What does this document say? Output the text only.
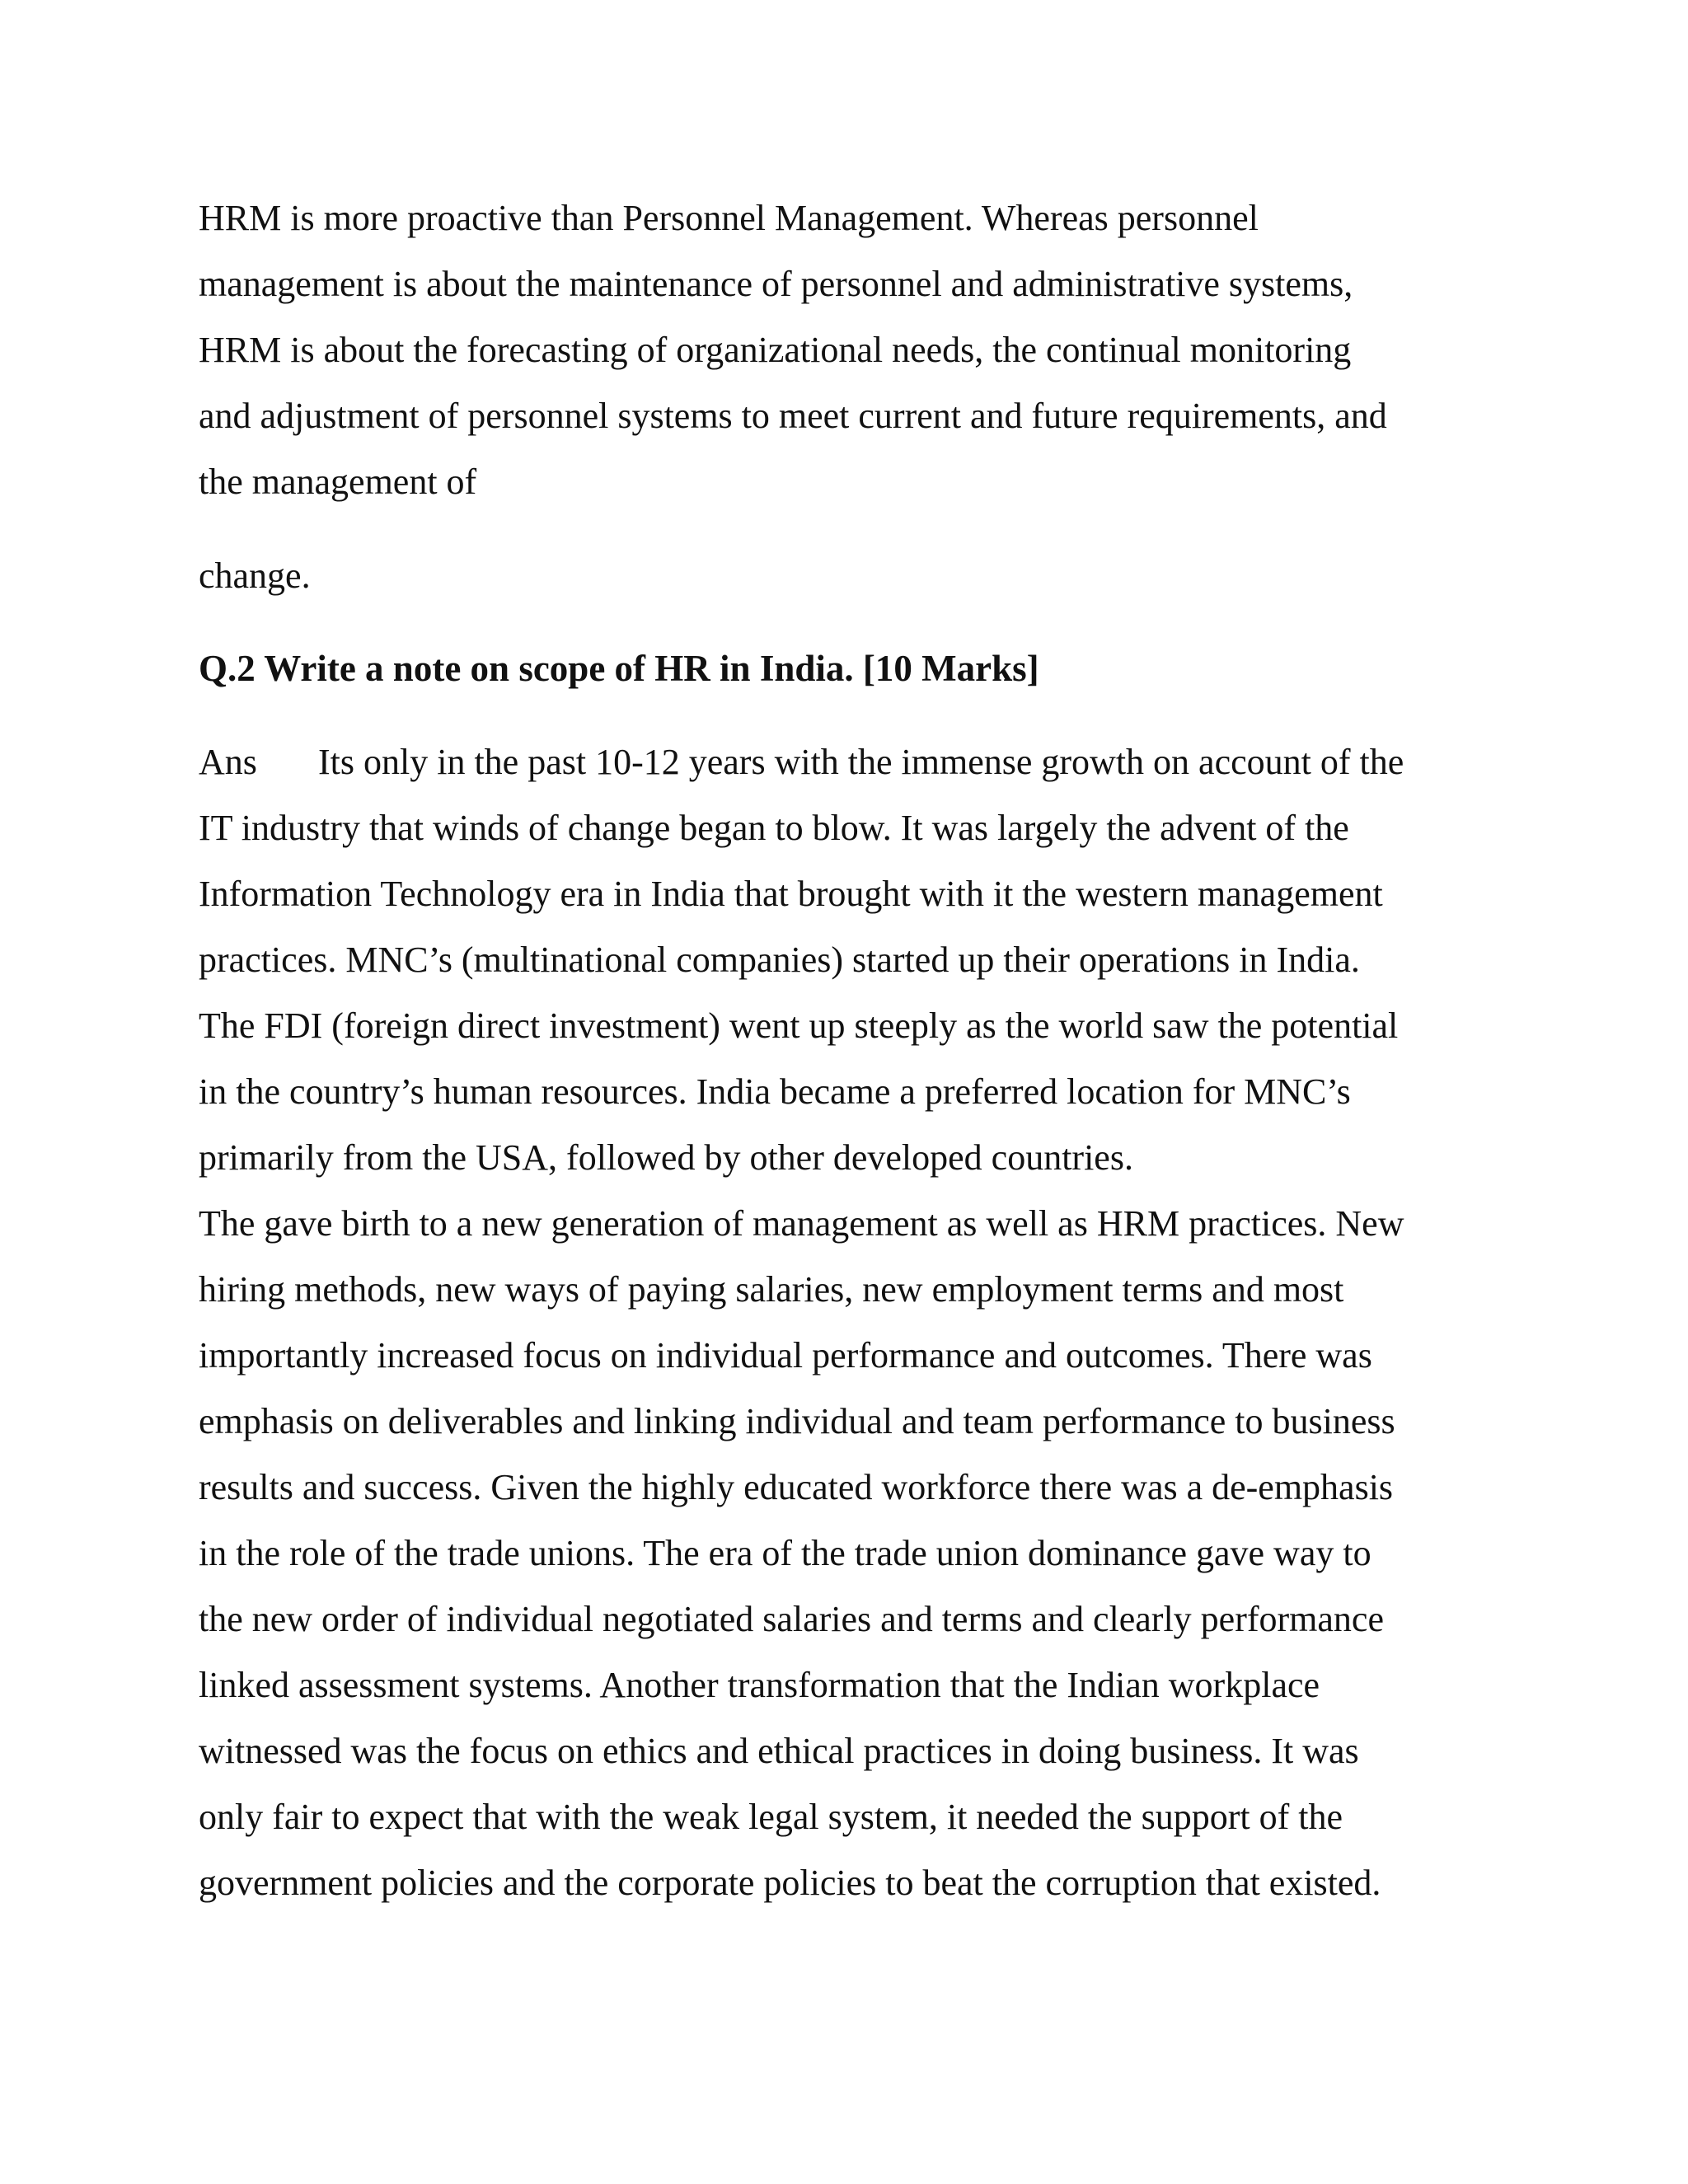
HRM is more proactive than Personnel Management. Whereas personnel

management is about the maintenance of personnel and administrative systems,

HRM is about the forecasting of organizational needs, the continual monitoring

and adjustment of personnel systems to meet current and future requirements, and

the management of

change.

Q.2 Write a note on scope of HR in India. [10 Marks]

Ans Its only in the past 10-12 years with the immense growth on account of the

IT industry that winds of change began to blow. It was largely the advent of the

Information Technology era in India that brought with it the western management

practices. MNC’s (multinational companies) started up their operations in India.

The FDI (foreign direct investment) went up steeply as the world saw the potential

in the country’s human resources. India became a preferred location for MNC’s

primarily from the USA, followed by other developed countries.

The gave birth to a new generation of management as well as HRM practices. New

hiring methods, new ways of paying salaries, new employment terms and most

importantly increased focus on individual performance and outcomes. There was

emphasis on deliverables and linking individual and team performance to business

results and success. Given the highly educated workforce there was a de-emphasis

in the role of the trade unions. The era of the trade union dominance gave way to

the new order of individual negotiated salaries and terms and clearly performance

linked assessment systems. Another transformation that the Indian workplace

witnessed was the focus on ethics and ethical practices in doing business. It was

only fair to expect that with the weak legal system, it needed the support of the

government policies and the corporate policies to beat the corruption that existed.
